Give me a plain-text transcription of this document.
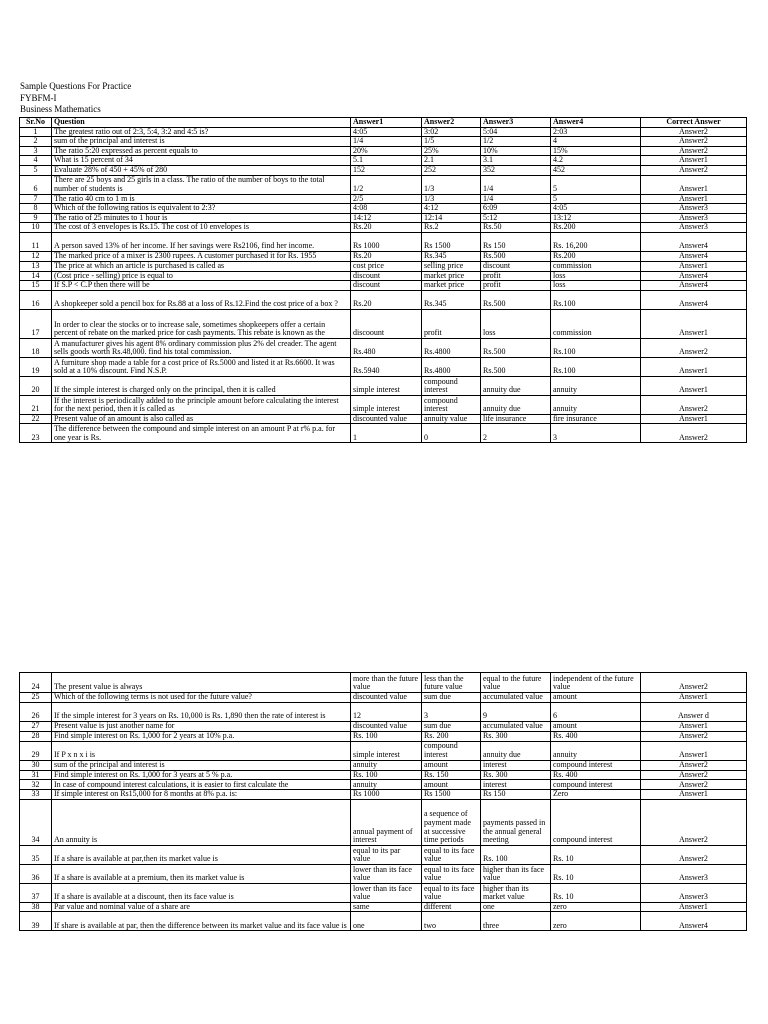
Sample Questions For Practice
FYBFM-I
Business Mathematics
Sr.No	Question	Answer1	Answer2	Answer3	Answer4	Correct Answer
1	The greatest ratio out of 2:3, 5:4, 3:2 and 4:5 is?	4:05	3:02	5:04	2:03	Answer2
2	sum of the principal and interest is	1/4	1/5	1/2	4	Answer2
3	The ratio 5:20 expressed as percent equals to	20%	25%	10%	15%	Answer2
4	What is 15 percent of 34	5.1	2.1	3.1	4.2	Answer1
5	Evaluate 28% of 450 + 45% of 280	152	252	352	452	Answer2
6	There are 25 boys and 25 girls in a class. The ratio of the number of boys to the total number of students is	1/2	1/3	1/4	5	Answer1
7	The ratio 40 cm to 1 m is	2/5	1/3	1/4	5	Answer1
8	Which of the following ratios is equivalent to 2:3?	4:08	4:12	6:09	4:05	Answer3
9	The ratio of 25 minutes to 1 hour is	14:12	12:14	5:12	13:12	Answer3
10	The cost of 3 envelopes is Rs.15. The cost of 10 envelopes is	Rs.20	Rs.2	Rs.50	Rs.200	Answer3
11	A person saved 13% of her income. If her savings were Rs2106, find her income.	Rs 1000	Rs 1500	Rs 150	Rs. 16,200	Answer4
12	The marked price of a mixer is 2300 rupees. A customer purchased it for Rs. 1955	Rs.20	Rs.345	Rs.500	Rs.200	Answer4
13	The price at which an article is purchased is called as	cost price	selling price	discount	commission	Answer1
14	(Cost price - selling) price is equal to	discount	market price	profit	loss	Answer4
15	If S.P < C.P then there will be	discount	market price	profit	loss	Answer4
16	A shopkeeper sold a pencil box for Rs.88 at a loss of Rs.12.Find the cost price of a box ?	Rs.20	Rs.345	Rs.500	Rs.100	Answer4
17	In order to clear the stocks or to increase sale, sometimes shopkeepers offer a certain percent of rebate on the marked price for cash payments. This rebate is known as the	discoount	profit	loss	commission	Answer1
18	A manufacturer gives his agent 8% ordinary commission plus 2% del creader. The agent sells goods worth Rs.48,000. find his total commission.	Rs.480	Rs.4800	Rs.500	Rs.100	Answer2
19	A furniture shop made a table for a cost price of Rs.5000 and listed it at Rs.6600. It was sold at a 10% discount. Find N.S.P.	Rs.5940	Rs.4800	Rs.500	Rs.100	Answer1
20	If the simple interest is charged only on the principal, then it is called	simple interest	compound interest	annuity due	annuity	Answer1
21	If the interest is periodically added to the principle amount before calculating the interest for the next period, then it is called as	simple interest	compound interest	annuity due	annuity	Answer2
22	Present value of an amount is also called as	discounted value	annuity value	life insurance	fire insurance	Answer1
23	The difference between the compound and simple interest on an amount P at r% p.a. for one year is Rs.	1	0	2	3	Answer2
24	The present value is always	more than the future value	less than the future value	equal to the future value	independent of the future value	Answer2
25	Which of the following terms is not used for the future value?	discounted value	sum due	accumulated value	amount	Answer1
26	If the simple interest for 3 years on Rs. 10,000 is Rs. 1,890 then the rate of interest is	12	3	9	6	Answer d
27	Present value is just another name for	discounted value	sum due	accumulated value	amount	Answer1
28	Find simple interest on Rs. 1,000 for 2 years at 10% p.a.	Rs. 100	Rs. 200	Rs. 300	Rs. 400	Answer2
29	If P x n x i is	simple interest	compound interest	annuity due	annuity	Answer1
30	sum of the principal and interest is	annuity	amount	interest	compound interest	Answer2
31	Find simple interest on Rs. 1,000 for 3 years at 5 % p.a.	Rs. 100	Rs. 150	Rs. 300	Rs. 400	Answer2
32	In case of compound interest calculations, it is easier to first calculate the	annuity	amount	interest	compound interest	Answer2
33	If simple interest on Rs15,000 for 8 months at 8% p.a. is:	Rs 1000	Rs 1500	Rs 150	Zero	Answer1
34	An annuity is	annual payment of interest	a sequence of payment made at successive time periods	payments passed in the annual general meeting	compound interest	Answer2
35	If a share is available at par,then its market value is	equal to its par value	equal to its face value	Rs. 100	Rs. 10	Answer2
36	If a share is available at a premium, then its market value is	lower than its face value	equal to its face value	higher than its face value	Rs. 10	Answer3
37	If a share is available at a discount, then its face value is	lower than its face value	equal to its face value	higher than its market value	Rs. 10	Answer3
38	Par value and nominal value of a share are	same	different	one	zero	Answer1
39	If share is available at par, then the difference between its market value and its face value is	one	two	three	zero	Answer4
